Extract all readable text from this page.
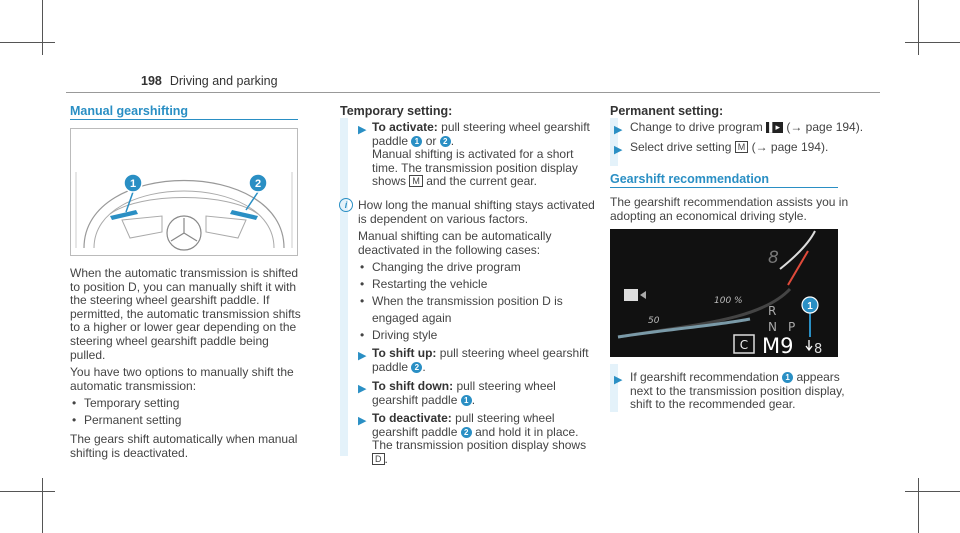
198 Driving and parking
Manual gearshifting
1	2

When the automatic transmission is shifted to position D, you can manually shift it with the steering wheel gearshift paddle. If permitted, the automatic transmission shifts to a higher or lower gear depending on the steering wheel gearshift paddle being pulled.

You have two options to manually shift the automatic transmission:

• Temporary setting
• Permanent setting

The gears shift automatically when manual shifting is deactivated.

Temporary setting:
▶ To activate: pull steering wheel gearshift paddle 1 or 2 .
Manual shifting is activated for a short time. The transmission position display shows M and the current gear.
i How long the manual shifting stays activated is dependent on various factors.

Manual shifting can be automatically deactivated in the following cases:

• Changing the drive program
• Restarting the vehicle
• When the transmission position D is engaged again
• Driving style
▶ To shift up: pull steering wheel gearshift paddle 2 .
▶ To shift down: pull steering wheel gearshift paddle 1 .
▶ To deactivate: pull steering wheel gearshift paddle 2 and hold it in place.
The transmission position display shows D .
Permanent setting:
▶ Change to drive program ▌▸ (→ page 194).
▶ Select drive setting M (→ page 194).
Gearshift recommendation
The gearshift recommendation assists you in adopting an economical driving style.
8
100 %
50
R
N P
C M9 8
1
▶ If gearshift recommendation 1 appears next to the transmission position display, shift to the recommended gear.
